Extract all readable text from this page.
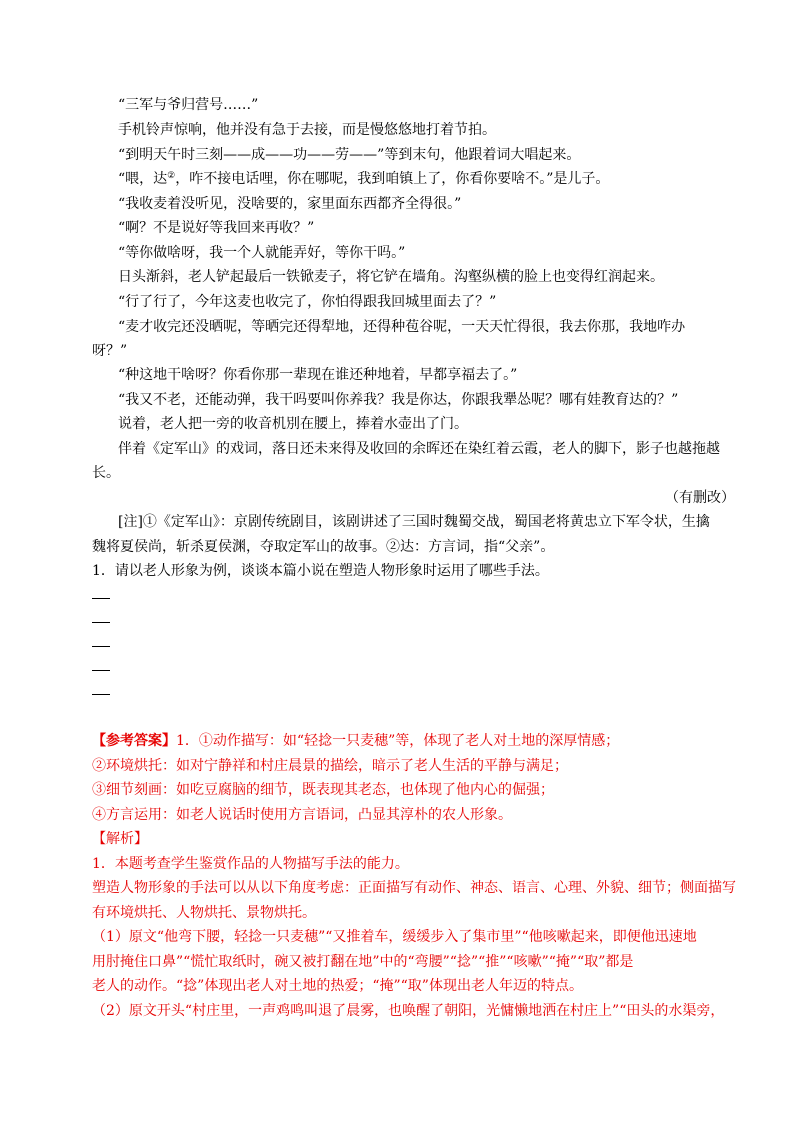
“三军与爷归营号……”
手机铃声惊响，他并没有急于去接，而是慢悠悠地打着节拍。
“到明天午时三刻——成——功——劳——”等到末句，他跟着词大唱起来。
“喂，达②，咋不接电话哩，你在哪呢，我到咱镇上了，你看你要啥不。”是儿子。
“我收麦着没听见，没啥要的，家里面东西都齐全得很。”
“啊？不是说好等我回来再收？”
“等你做啥呀，我一个人就能弄好，等你干吗。”
日头渐斜，老人铲起最后一铁锨麦子，将它铲在墙角。沟壑纵横的脸上也变得红润起来。
“行了行了，今年这麦也收完了，你怕得跟我回城里面去了？”
“麦才收完还没晒呢，等晒完还得犁地，还得种苞谷呢，一天天忙得很，我去你那，我地咋办
呀？”
“种这地干啥呀？你看你那一辈现在谁还种地着，早都享福去了。”
“我又不老，还能动弹，我干吗要叫你养我？我是你达，你跟我犟怂呢？哪有娃教育达的？”
说着，老人把一旁的收音机別在腰上，捧着水壶出了门。
伴着《定军山》的戏词，落日还未来得及收回的余晖还在染红着云霞，老人的脚下，影子也越拖越
长。
（有删改）
[注]①《定军山》：京剧传统剧目，该剧讲述了三国时魏蜀交战，蜀国老将黄忠立下军令状，生擒
魏将夏侯尚，斩杀夏侯渊，夺取定军山的故事。②达：方言词，指“父亲”。
1．请以老人形象为例，谈谈本篇小说在塑造人物形象时运用了哪些手法。
【参考答案】1．①动作描写：如“轻捻一只麦穗”等，体现了老人对土地的深厚情感；
②环境烘托：如对宁静祥和村庄晨景的描绘，暗示了老人生活的平静与满足；
③细节刻画：如吃豆腐脑的细节，既表现其老态，也体现了他内心的倔强；
④方言运用：如老人说话时使用方言语词，凸显其淳朴的农人形象。
【解析】
1．本题考查学生鉴赏作品的人物描写手法的能力。
塑造人物形象的手法可以从以下角度考虑：正面描写有动作、神态、语言、心理、外貌、细节；侧面描写
有环境烘托、人物烘托、景物烘托。
（1）原文“他弯下腰，轻捻一只麦穗”“又推着车，缓缓步入了集市里”“他咳嗽起来，即便他迅速地
用肘掩住口鼻”“慌忙取纸时，碗又被打翻在地”中的“弯腰”“捻”“推”“咳嗽”“掩”“取”都是
老人的动作。“捻”体现出老人对土地的热爱；“掩”“取”体现出老人年迈的特点。
（2）原文开头“村庄里，一声鸡鸣叫退了晨雾，也唤醒了朝阳，光慵懒地洒在村庄上”“田头的水渠旁，
